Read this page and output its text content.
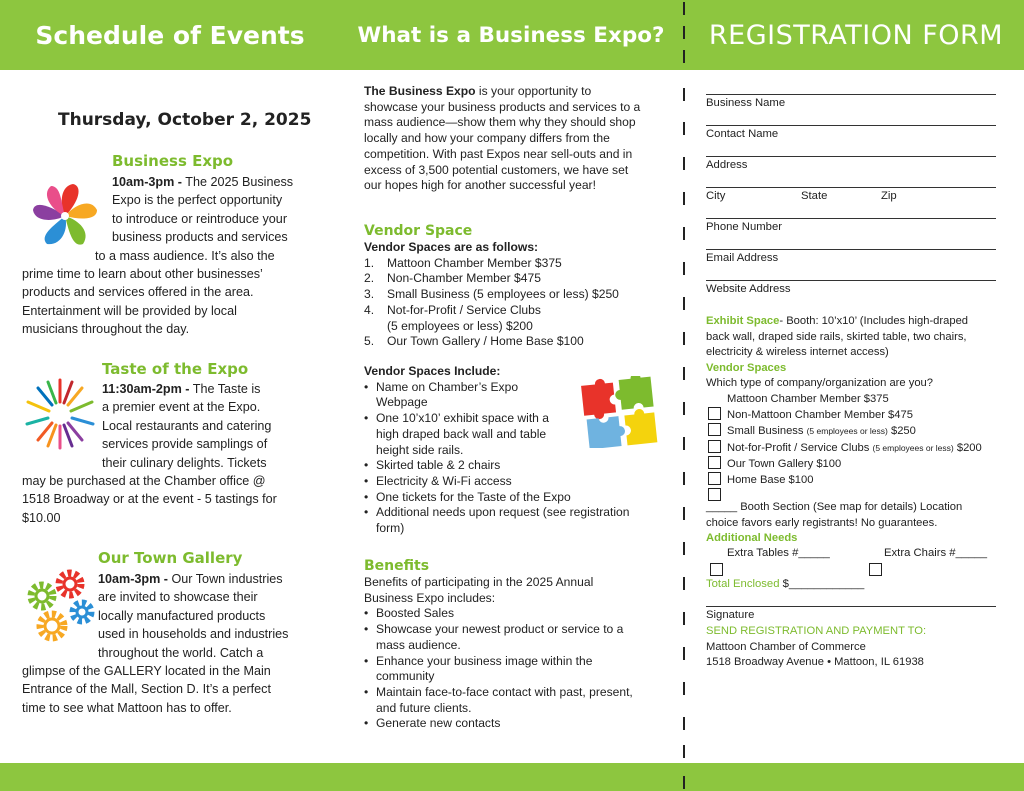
Schedule of Events	What is a Business Expo?	REGISTRATION FORM
Thursday, October 2, 2025
Business Expo
10am-3pm - The 2025 Business
Expo is the perfect opportunity
to introduce or reintroduce your
business products and services
to a mass audience. It’s also the
prime time to learn about other businesses’
products and services offered in the area.
Entertainment will be provided by local
musicians throughout the day.
Taste of the Expo
11:30am-2pm - The Taste is
a premier event at the Expo.
Local restaurants and catering
services provide samplings of
their culinary delights. Tickets
may be purchased at the Chamber office @
1518 Broadway or at the event - 5 tastings for
$10.00
Our Town Gallery
10am-3pm - Our Town industries
are invited to showcase their
locally manufactured products
used in households and industries
throughout the world. Catch a
glimpse of the GALLERY located in the Main
Entrance of the Mall, Section D. It’s a perfect
time to see what Mattoon has to offer.
The Business Expo is your opportunity to
showcase your business products and services to a
mass audience—show them why they should shop
locally and how your company differs from the
competition. With past Expos near sell-outs and in
excess of 3,500 potential customers, we have set
our hopes high for another successful year!
Vendor Space
Vendor Spaces are as follows:
1. Mattoon Chamber Member $375
2. Non-Chamber Member $475
3. Small Business (5 employees or less) $250
4. Not-for-Profit / Service Clubs
(5 employees or less) $200
5. Our Town Gallery / Home Base $100
Vendor Spaces Include:
• Name on Chamber’s Expo
Webpage
• One 10’x10’ exhibit space with a
high draped back wall and table
height side rails.
• Skirted table & 2 chairs
• Electricity & Wi-Fi access
• One tickets for the Taste of the Expo
• Additional needs upon request (see registration
form)
Benefits
Benefits of participating in the 2025 Annual
Business Expo includes:
• Boosted Sales
• Showcase your newest product or service to a
mass audience.
• Enhance your business image within the
community
• Maintain face-to-face contact with past, present,
and future clients.
• Generate new contacts
Business Name
Contact Name
Address
City	State	Zip
Phone Number
Email Address
Website Address
Exhibit Space- Booth: 10’x10’ (Includes high-draped
back wall, draped side rails, skirted table, two chairs,
electricity & wireless internet access)
Vendor Spaces
Which type of company/organization are you?
Mattoon Chamber Member $375
Non-Mattoon Chamber Member $475
Small Business (5 employees or less) $250
Not-for-Profit / Service Clubs (5 employees or less) $200
Our Town Gallery $100
Home Base $100
_____ Booth Section (See map for details) Location
choice favors early registrants! No guarantees.
Additional Needs
Extra Tables #_____	Extra Chairs #_____
Total Enclosed $____________
Signature
SEND REGISTRATION AND PAYMENT TO:
Mattoon Chamber of Commerce
1518 Broadway Avenue • Mattoon, IL 61938
